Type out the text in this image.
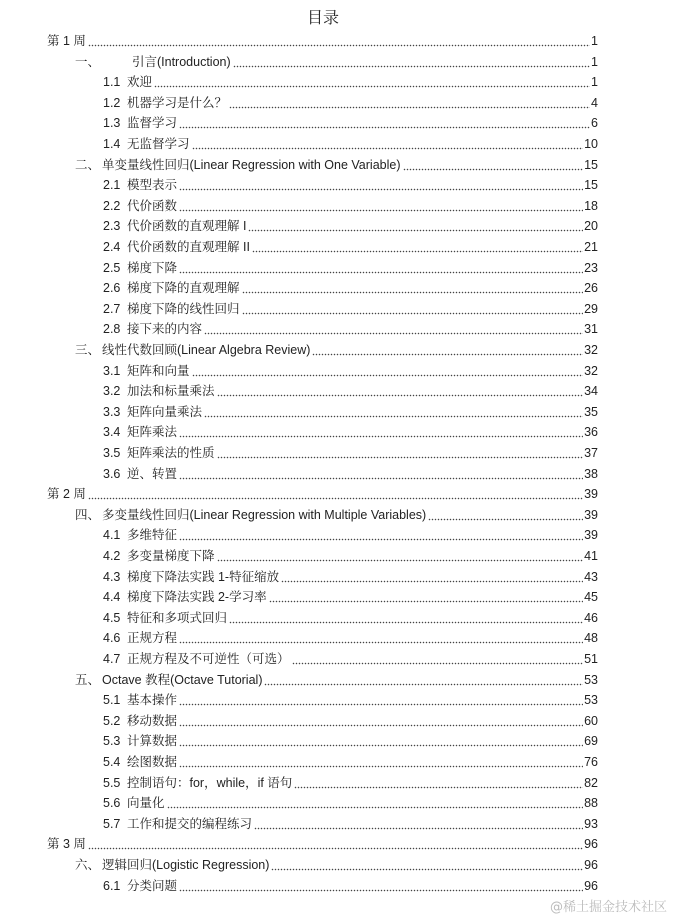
目录
第 1 周	1
一、	引言(Introduction)	1
1.1 欢迎	1
1.2 机器学习是什么？	4
1.3 监督学习	6
1.4 无监督学习	10
二、 单变量线性回归(Linear Regression with One Variable)	15
2.1 模型表示	15
2.2 代价函数	18
2.3 代价函数的直观理解 I	20
2.4 代价函数的直观理解 II	21
2.5 梯度下降	23
2.6 梯度下降的直观理解	26
2.7 梯度下降的线性回归	29
2.8 接下来的内容	31
三、 线性代数回顾(Linear Algebra Review)	32
3.1 矩阵和向量	32
3.2 加法和标量乘法	34
3.3 矩阵向量乘法	35
3.4 矩阵乘法	36
3.5 矩阵乘法的性质	37
3.6 逆、转置	38
第 2 周	39
四、 多变量线性回归(Linear Regression with Multiple Variables)	39
4.1 多维特征	39
4.2 多变量梯度下降	41
4.3 梯度下降法实践 1-特征缩放	43
4.4 梯度下降法实践 2-学习率	45
4.5 特征和多项式回归	46
4.6 正规方程	48
4.7 正规方程及不可逆性（可选）	51
五、 Octave 教程(Octave Tutorial)	53
5.1 基本操作	53
5.2 移动数据	60
5.3 计算数据	69
5.4 绘图数据	76
5.5 控制语句：for，while，if 语句	82
5.6 向量化	88
5.7 工作和提交的编程练习	93
第 3 周	96
六、 逻辑回归(Logistic Regression)	96
6.1 分类问题	96
@稀土掘金技术社区
